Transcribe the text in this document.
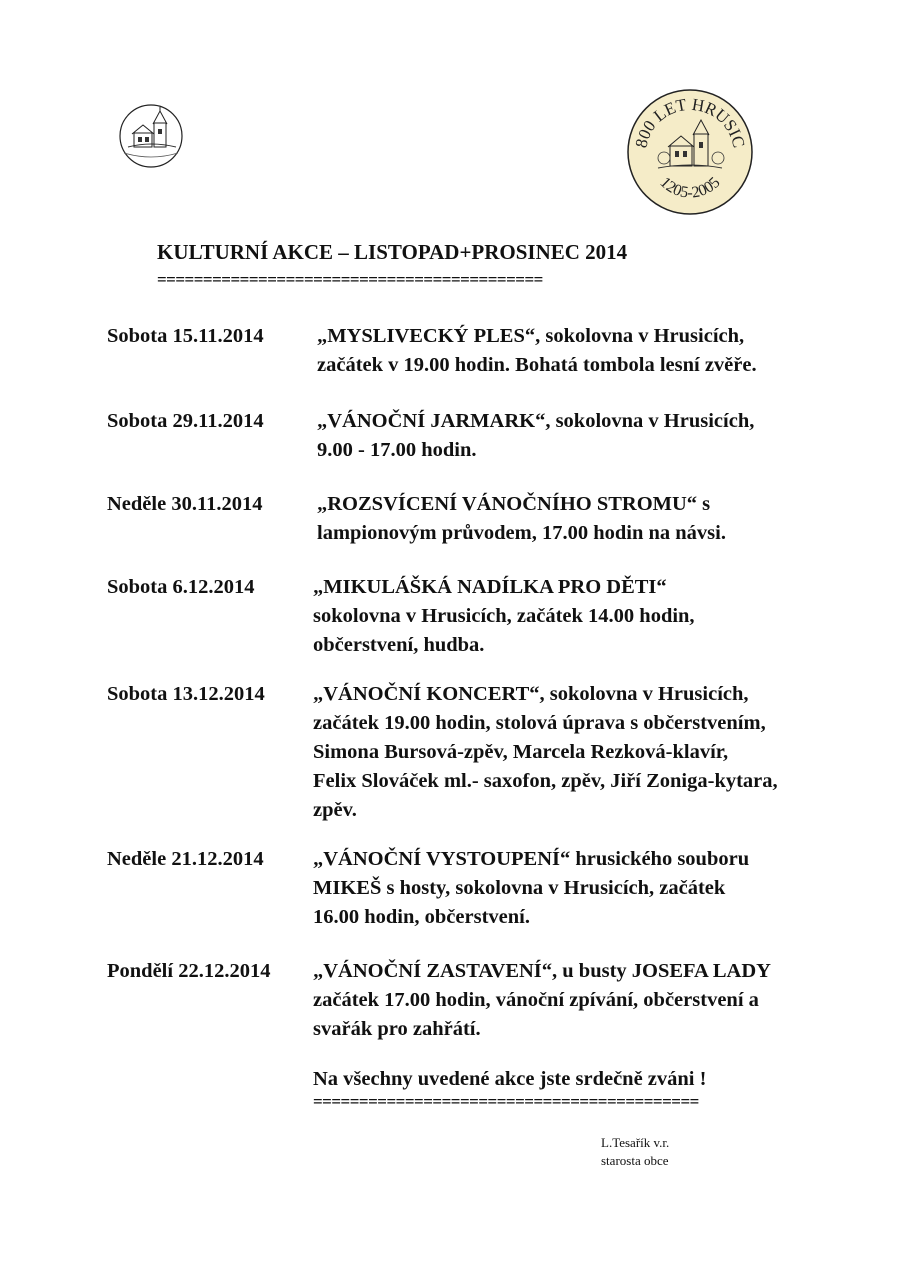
800 LET HRUSIC
1205-2005
KULTURNÍ AKCE – LISTOPAD+PROSINEC 2014
==========================================
Sobota 15.11.2014	„MYSLIVECKÝ PLES“, sokolovna v Hrusicích,
začátek v 19.00 hodin. Bohatá tombola lesní zvěře.
Sobota 29.11.2014	„VÁNOČNÍ JARMARK“, sokolovna v Hrusicích,
9.00 - 17.00 hodin.
Neděle 30.11.2014	„ROZSVÍCENÍ VÁNOČNÍHO STROMU“ s
lampionovým průvodem, 17.00 hodin na návsi.
Sobota 6.12.2014	„MIKULÁŠKÁ NADÍLKA PRO DĚTI“
sokolovna v Hrusicích, začátek 14.00 hodin,
občerstvení, hudba.
Sobota 13.12.2014 „VÁNOČNÍ KONCERT“, sokolovna v Hrusicích,
začátek 19.00 hodin, stolová úprava s občerstvením,
Simona Bursová-zpěv, Marcela Rezková-klavír,
Felix Slováček ml.- saxofon, zpěv, Jiří Zoniga-kytara,
zpěv.
Neděle 21.12.2014 „VÁNOČNÍ VYSTOUPENÍ“ hrusického souboru
MIKEŠ s hosty, sokolovna v Hrusicích, začátek
16.00 hodin, občerstvení.
Pondělí 22.12.2014 „VÁNOČNÍ ZASTAVENÍ“, u busty JOSEFA LADY
začátek 17.00 hodin, vánoční zpívání, občerstvení a
svařák pro zahřátí.
Na všechny uvedené akce jste srdečně zváni !
==========================================
L.Tesařík v.r.
starosta obce
